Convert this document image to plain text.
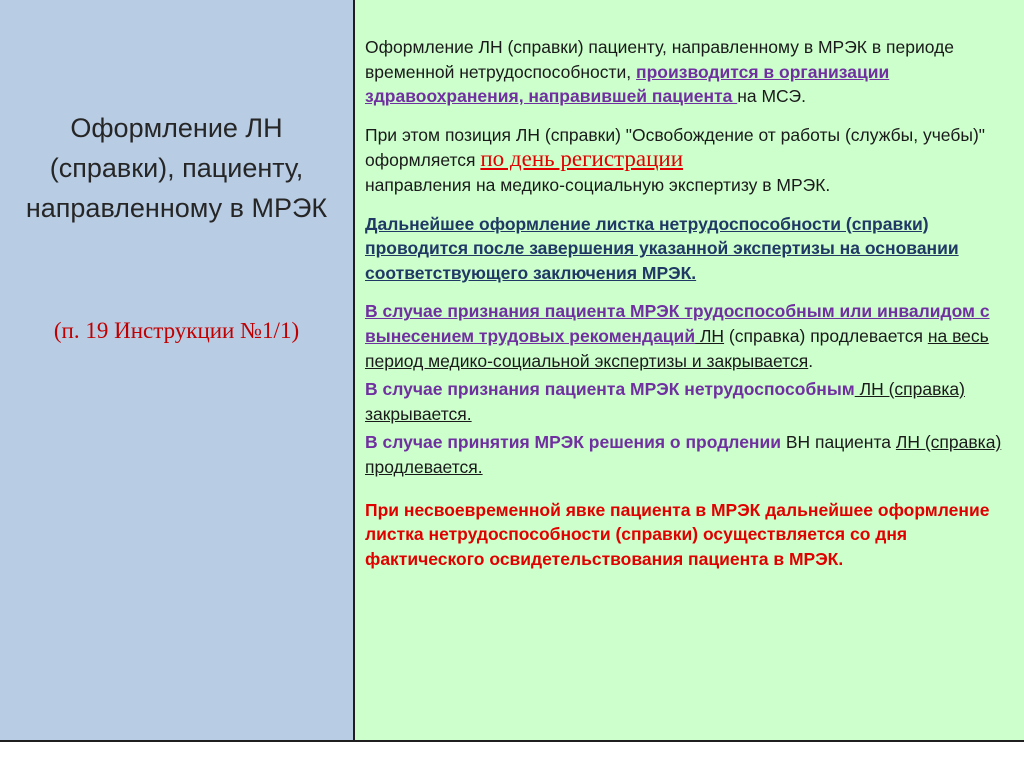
Оформление ЛН (справки), пациенту, направленному в МРЭК
(п. 19 Инструкции №1/1)

Оформление ЛН (справки) пациенту, направленному в МРЭК в периоде временной нетрудоспособности, производится в организации здравоохранения, направившей пациента на МСЭ.

При этом позиция ЛН (справки) "Освобождение от работы (службы, учебы)" оформляется по день регистрации
направления на медико-социальную экспертизу в МРЭК.

Дальнейшее оформление листка нетрудоспособности (справки) проводится после завершения указанной экспертизы на основании соответствующего заключения МРЭК.

В случае признания пациента МРЭК трудоспособным или инвалидом с вынесением трудовых рекомендаций ЛН (справка) продлевается на весь период медико-социальной экспертизы и закрывается.

В случае признания пациента МРЭК нетрудоспособным ЛН (справка) закрывается.

В случае принятия МРЭК решения о продлении ВН пациента ЛН (справка) продлевается.

При несвоевременной явке пациента в МРЭК дальнейшее оформление листка нетрудоспособности (справки) осуществляется со дня фактического освидетельствования пациента в МРЭК.
